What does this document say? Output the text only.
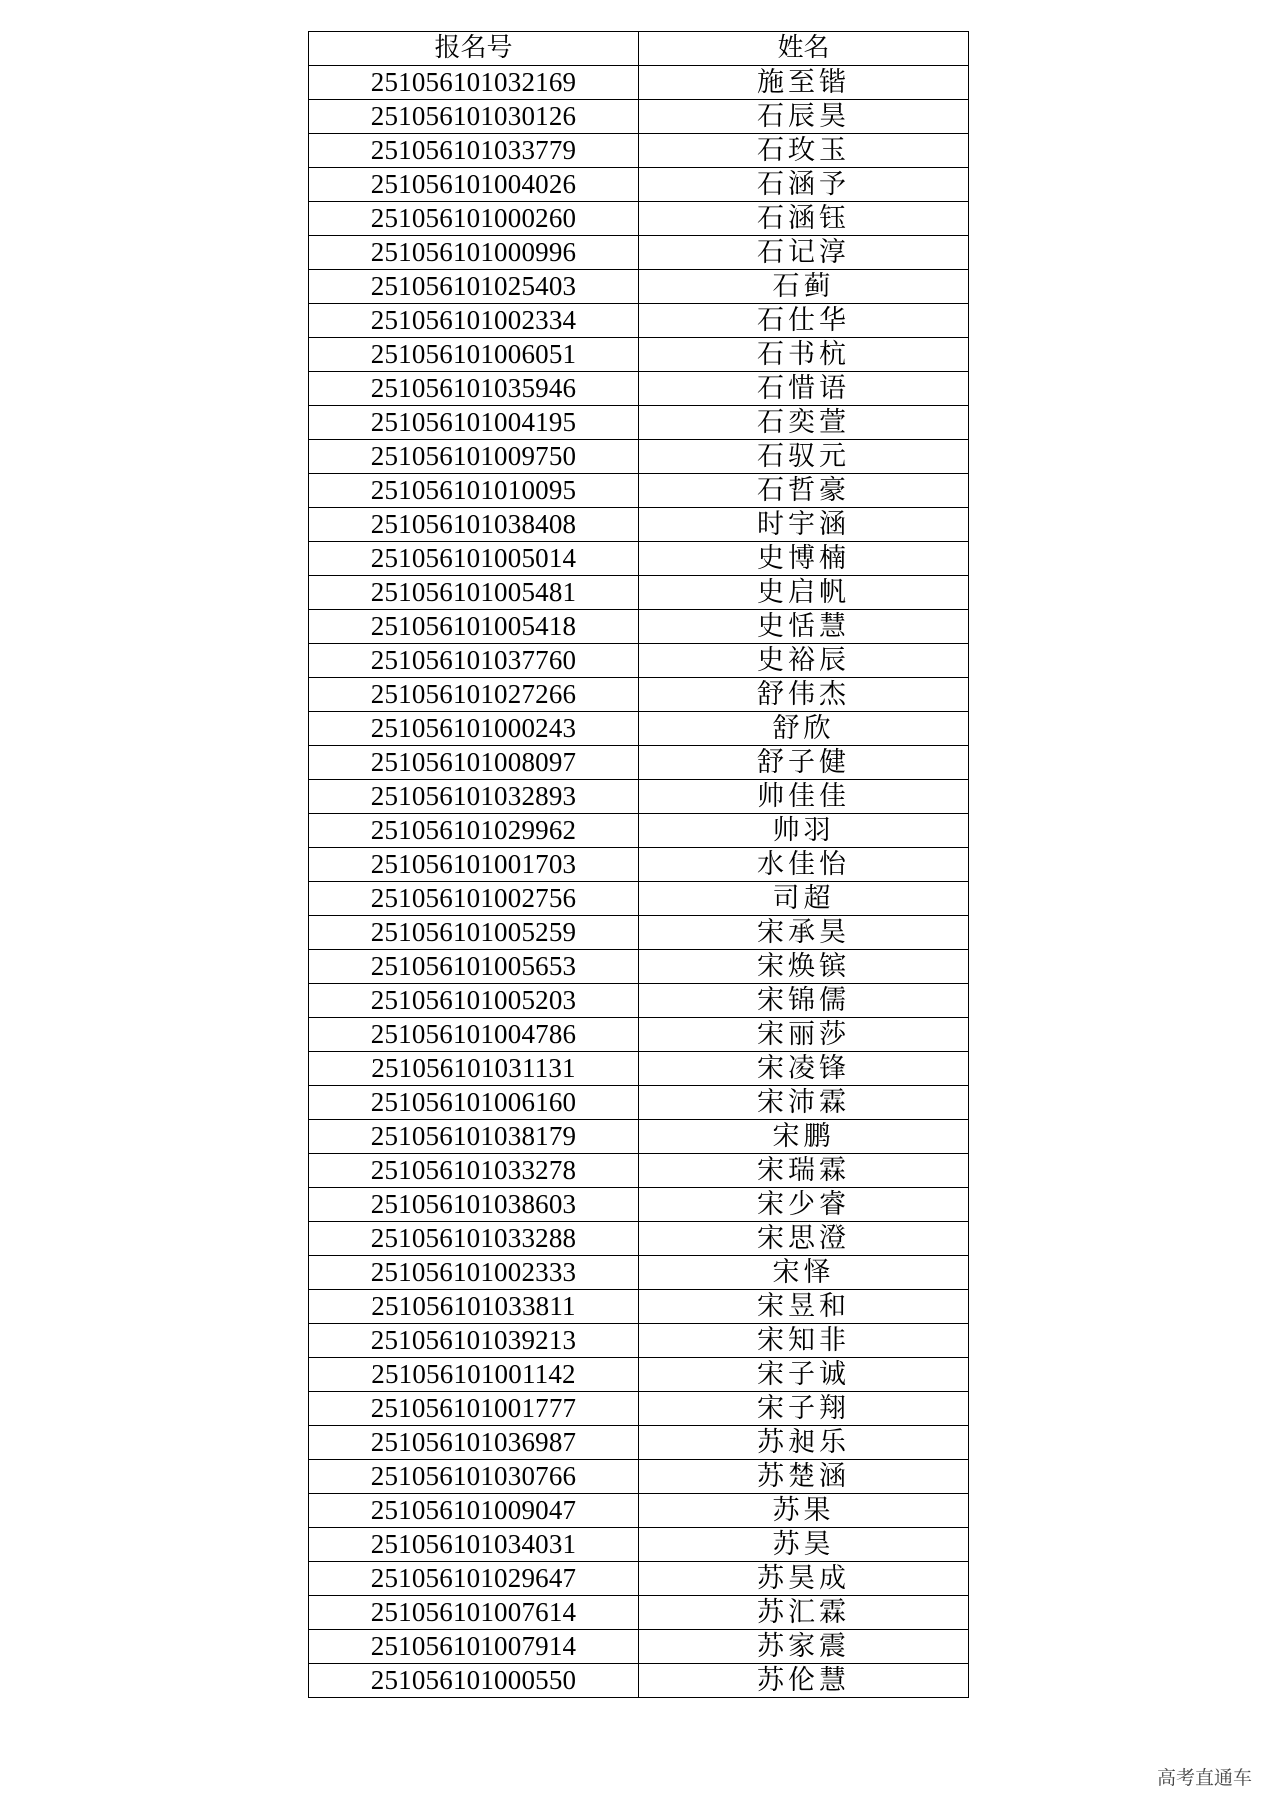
报名号	姓名
251056101032169	施至锴
251056101030126	石辰昊
251056101033779	石玫玉
251056101004026	石涵予
251056101000260	石涵钰
251056101000996	石记淳
251056101025403	石蓟
251056101002334	石仕华
251056101006051	石书杭
251056101035946	石惜语
251056101004195	石奕萱
251056101009750	石驭元
251056101010095	石哲豪
251056101038408	时宇涵
251056101005014	史博楠
251056101005481	史启帆
251056101005418	史恬慧
251056101037760	史裕辰
251056101027266	舒伟杰
251056101000243	舒欣
251056101008097	舒子健
251056101032893	帅佳佳
251056101029962	帅羽
251056101001703	水佳怡
251056101002756	司超
251056101005259	宋承昊
251056101005653	宋焕镔
251056101005203	宋锦儒
251056101004786	宋丽莎
251056101031131	宋凌锋
251056101006160	宋沛霖
251056101038179	宋鹏
251056101033278	宋瑞霖
251056101038603	宋少睿
251056101033288	宋思澄
251056101002333	宋怿
251056101033811	宋昱和
251056101039213	宋知非
251056101001142	宋子诚
251056101001777	宋子翔
251056101036987	苏昶乐
251056101030766	苏楚涵
251056101009047	苏果
251056101034031	苏昊
251056101029647	苏昊成
251056101007614	苏汇霖
251056101007914	苏家震
251056101000550	苏伦慧
高考直通车
